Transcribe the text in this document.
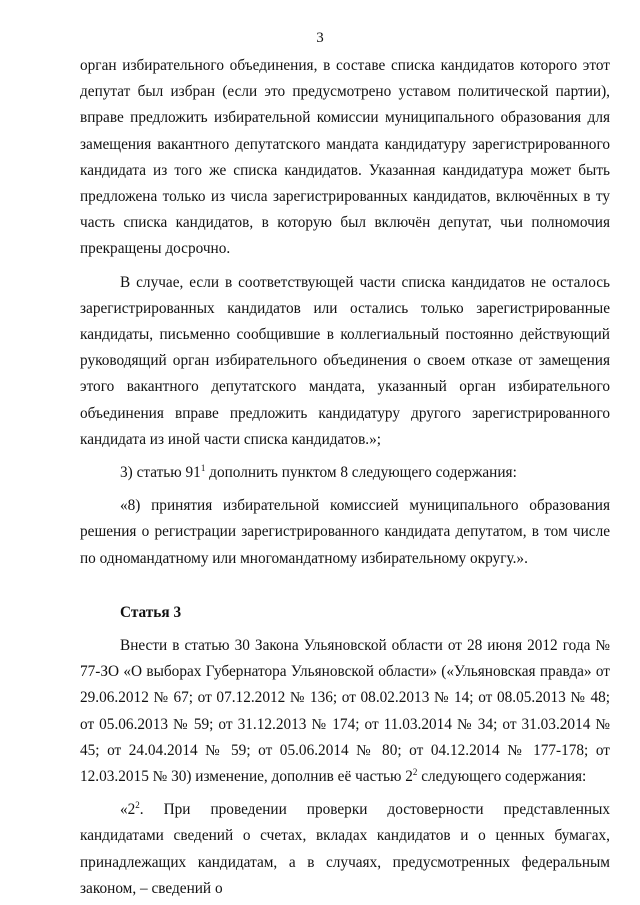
3

орган избирательного объединения, в составе списка кандидатов которого этот депутат был избран (если это предусмотрено уставом политической партии), вправе предложить избирательной комиссии муниципального образования для замещения вакантного депутатского мандата кандидатуру зарегистрированного кандидата из того же списка кандидатов. Указанная кандидатура может быть предложена только из числа зарегистрированных кандидатов, включённых в ту часть списка кандидатов, в которую был включён депутат, чьи полномочия прекращены досрочно.

В случае, если в соответствующей части списка кандидатов не осталось зарегистрированных кандидатов или остались только зарегистрированные кандидаты, письменно сообщившие в коллегиальный постоянно действующий руководящий орган избирательного объединения о своем отказе от замещения этого вакантного депутатского мандата, указанный орган избирательного объединения вправе предложить кандидатуру другого зарегистрированного кандидата из иной части списка кандидатов.»;

3) статью $91^1$ дополнить пунктом 8 следующего содержания:

«8) принятия избирательной комиссией муниципального образования решения о регистрации зарегистрированного кандидата депутатом, в том числе по одномандатному или многомандатному избирательному округу.».

Статья 3

Внести в статью 30 Закона Ульяновской области от 28 июня 2012 года № 77-ЗО «О выборах Губернатора Ульяновской области» («Ульяновская правда» от 29.06.2012 № 67; от 07.12.2012 № 136; от 08.02.2013 № 14; от 08.05.2013 № 48; от 05.06.2013 № 59; от 31.12.2013 № 174; от 11.03.2014 № 34; от 31.03.2014 № 45; от 24.04.2014 № 59; от 05.06.2014 № 80; от 04.12.2014 № 177-178; от 12.03.2015 № 30) изменение, дополнив её частью $2^2$ следующего содержания:

«$2^2$. При проведении проверки достоверности представленных кандидатами сведений о счетах, вкладах кандидатов и о ценных бумагах, принадлежащих кандидатам, а в случаях, предусмотренных федеральным законом, – сведений о
